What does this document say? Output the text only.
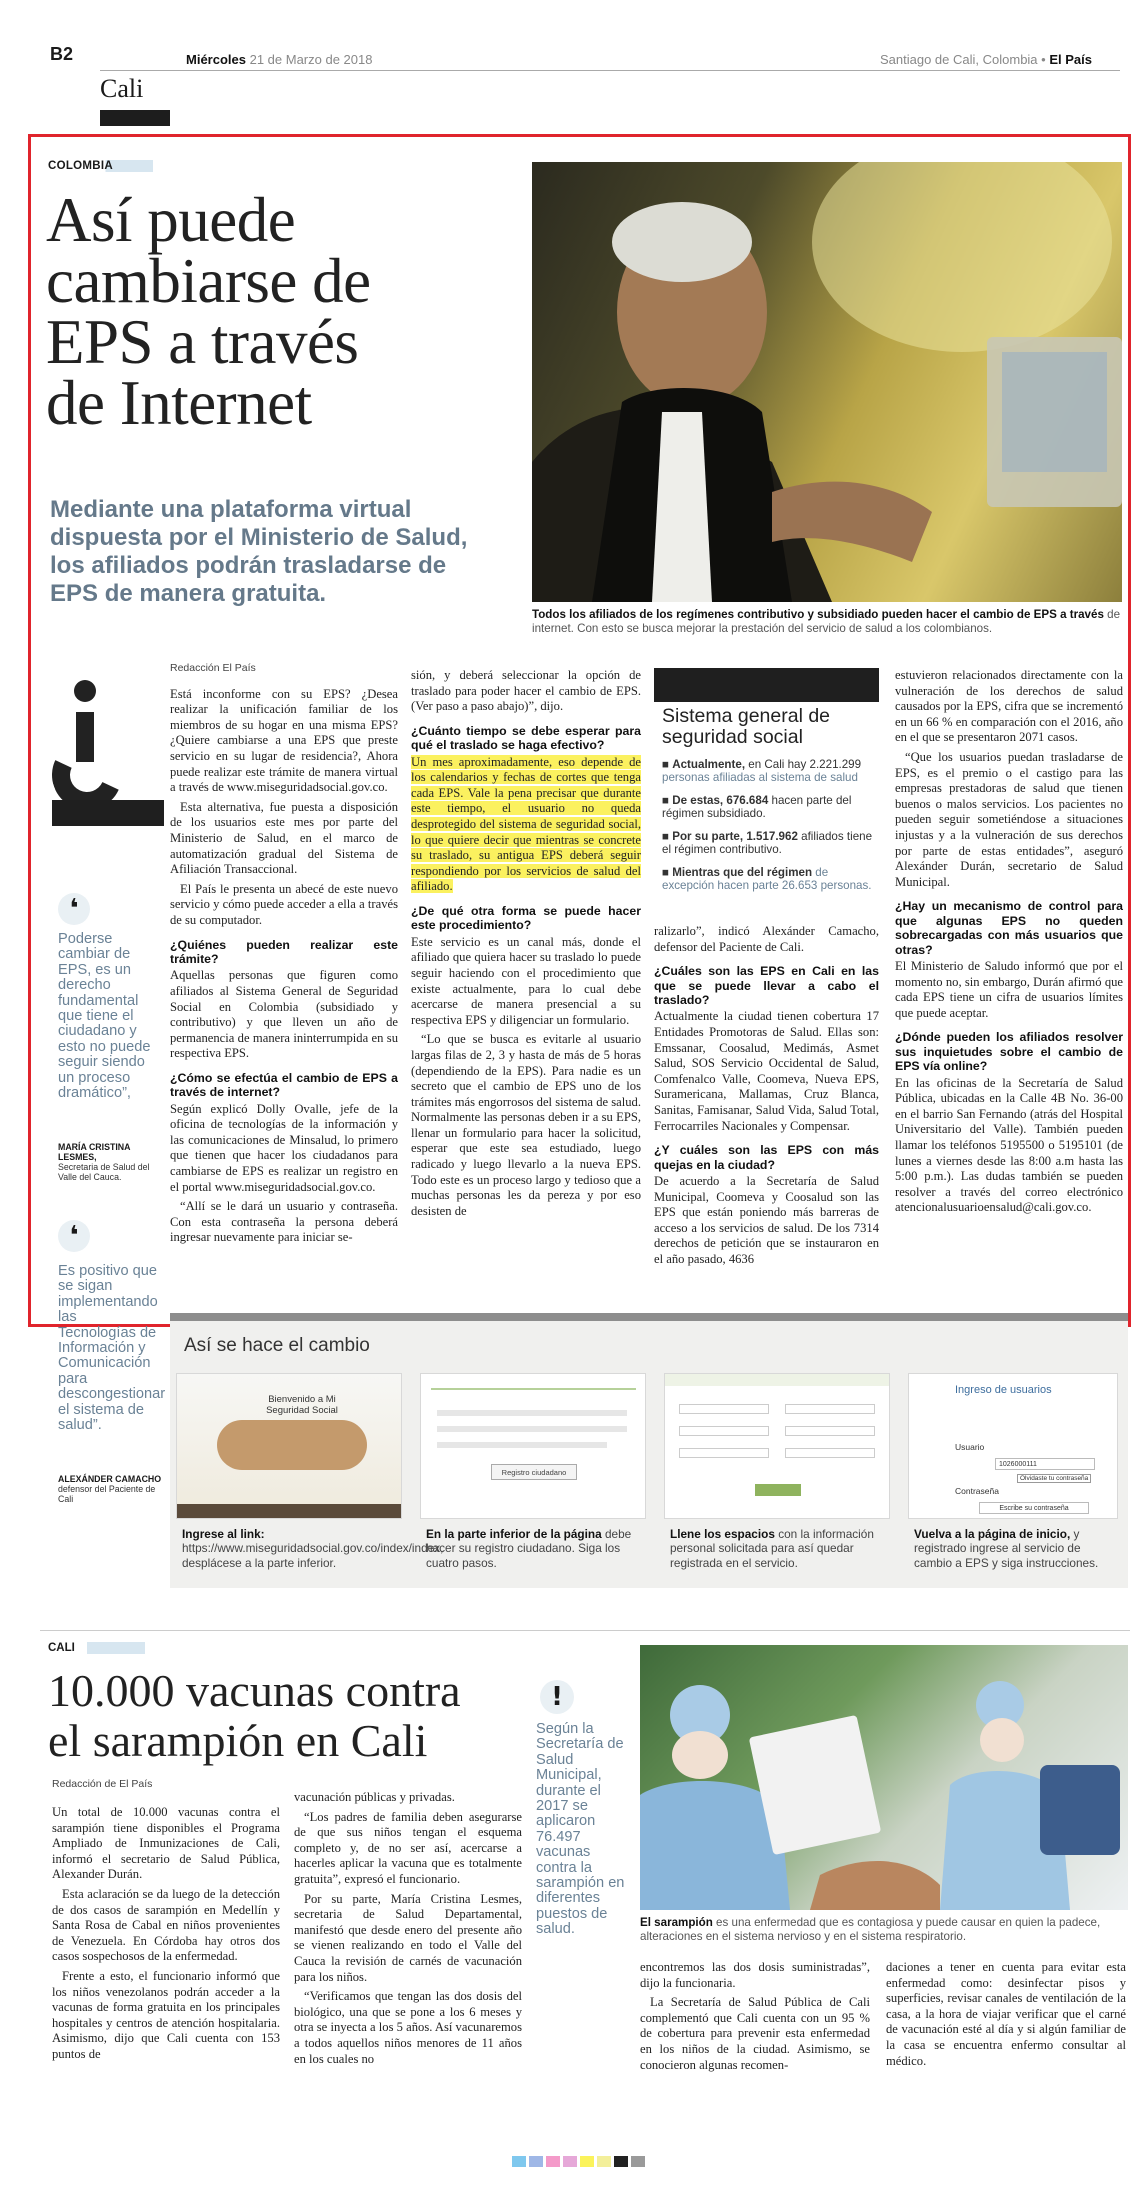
B2
Cali
Miércoles 21 de Marzo de 2018	Santiago de Cali, Colombia • El País
COLOMBIA
Así puede
cambiarse de
EPS a través
de Internet
Mediante una plataforma virtual
dispuesta por el Ministerio de Salud,
los afiliados podrán trasladarse de
EPS de manera gratuita.
Todos los afiliados de los regímenes contributivo y subsidiado pueden hacer el cambio de EPS a través de internet. Con esto se busca mejorar la prestación del servicio de salud a los colombianos.
❛
Poderse cambiar de EPS, es un derecho fundamental que tiene el ciudadano y esto no puede seguir siendo un proceso dramático”,
MARÍA CRISTINA LESMES,
Secretaria de Salud del Valle del Cauca.
❛
Es positivo que se sigan implementando las Tecnologías de Información y Comunicación para descongestionar el sistema de salud”.
ALEXÁNDER CAMACHO
defensor del Paciente de Cali
Redacción El País

Está inconforme con su EPS? ¿Desea realizar la unificación familiar de los miembros de su hogar en una misma EPS? ¿Quiere cambiarse a una EPS que preste servicio en su lugar de residencia?, Ahora puede realizar este trámite de manera virtual a través de www.miseguridadsocial.gov.co.

Esta alternativa, fue puesta a disposición de los usuarios este mes por parte del Ministerio de Salud, en el marco de automatización gradual del Sistema de Afiliación Transaccional.

El País le presenta un abecé de este nuevo servicio y cómo puede acceder a ella a través de su computador.

¿Quiénes pueden realizar este trámite?

Aquellas personas que figuren como afiliados al Sistema General de Seguridad Social en Colombia (subsidiado y contributivo) y que lleven un año de permanencia de manera ininterrumpida en su respectiva EPS.

¿Cómo se efectúa el cambio de EPS a través de internet?

Según explicó Dolly Ovalle, jefe de la oficina de tecnologías de la información y las comunicaciones de Minsalud, lo primero que tienen que hacer los ciudadanos para cambiarse de EPS es realizar un registro en el portal www.miseguridadsocial.gov.co.

“Allí se le dará un usuario y contraseña. Con esta contraseña la persona deberá ingresar nuevamente para iniciar se-

sión, y deberá seleccionar la opción de traslado para poder hacer el cambio de EPS. (Ver paso a paso abajo)”, dijo.

¿Cuánto tiempo se debe esperar para qué el traslado se haga efectivo?

Un mes aproximadamente, eso depende de los calendarios y fechas de cortes que tenga cada EPS. Vale la pena precisar que durante este tiempo, el usuario no queda desprotegido del sistema de seguridad social, lo que quiere decir que mientras se concrete su traslado, su antigua EPS deberá seguir respondiendo por los servicios de salud del afiliado.

¿De qué otra forma se puede hacer este procedimiento?

Este servicio es un canal más, donde el afiliado que quiera hacer su traslado lo puede seguir haciendo con el procedimiento que existe actualmente, para lo cual debe acercarse de manera presencial a su respectiva EPS y diligenciar un formulario.

“Lo que se busca es evitarle al usuario largas filas de 2, 3 y hasta de más de 5 horas (dependiendo de la EPS). Para nadie es un secreto que el cambio de EPS uno de los trámites más engorrosos del sistema de salud. Normalmente las personas deben ir a su EPS, llenar un formulario para hacer la solicitud, esperar que este sea estudiado, luego radicado y luego llevarlo a la nueva EPS. Todo este es un proceso largo y tedioso que a muchas personas les da pereza y por eso desisten de

Sistema general de seguridad social
■ Actualmente, en Cali hay 2.221.299
personas afiliadas al sistema de salud
■ De estas, 676.684 hacen parte del régimen subsidiado.
■ Por su parte, 1.517.962 afiliados tiene el régimen contributivo.
■ Mientras que del régimen de excepción hacen parte 26.653 personas.

ralizarlo”, indicó Alexánder Camacho, defensor del Paciente de Cali.

¿Cuáles son las EPS en Cali en las que se puede llevar a cabo el traslado?

Actualmente la ciudad tienen cobertura 17 Entidades Promotoras de Salud. Ellas son: Emssanar, Coosalud, Medimás, Asmet Salud, SOS Servicio Occidental de Salud, Comfenalco Valle, Coomeva, Nueva EPS, Suramericana, Mallamas, Cruz Blanca, Sanitas, Famisanar, Salud Vida, Salud Total, Ferrocarriles Nacionales y Compensar.

¿Y cuáles son las EPS con más quejas en la ciudad?

De acuerdo a la Secretaría de Salud Municipal, Coomeva y Coosalud son las EPS que están poniendo más barreras de acceso a los servicios de salud. De los 7314 derechos de petición que se instauraron en el año pasado, 4636

estuvieron relacionados directamente con la vulneración de los derechos de salud causados por la EPS, cifra que se incrementó en un 66 % en comparación con el 2016, año en el que se presentaron 2071 casos.

“Que los usuarios puedan trasladarse de EPS, es el premio o el castigo para las empresas prestadoras de salud que tienen buenos o malos servicios. Los pacientes no pueden seguir sometiéndose a situaciones injustas y a la vulneración de sus derechos por parte de estas entidades”, aseguró Alexánder Durán, secretario de Salud Municipal.

¿Hay un mecanismo de control para que algunas EPS no queden sobrecargadas con más usuarios que otras?

El Ministerio de Saludo informó que por el momento no, sin embargo, Durán afirmó que cada EPS tiene un cifra de usuarios límites que puede aceptar.

¿Dónde pueden los afiliados resolver sus inquietudes sobre el cambio de EPS vía online?

En las oficinas de la Secretaría de Salud Pública, ubicadas en la Calle 4B No. 36-00 en el barrio San Fernando (atrás del Hospital Universitario del Valle). También pueden llamar los teléfonos 5195500 o 5195101 (de lunes a viernes desde las 8:00 a.m hasta las 5:00 p.m.). Las dudas también se pueden resolver a través del correo electrónico atencionalusuarioensalud@cali.gov.co.

Así se hace el cambio
Bienvenido a Mi Seguridad Social
Registro ciudadano
Ingreso de usuarios
Usuario
1026000111
Olvidaste tu contraseña
Contraseña
Escribe su contraseña
Ingrese al link: https://www.miseguridadsocial.gov.co/index/index, desplácese a la parte inferior.
En la parte inferior de la página debe hacer su registro ciudadano. Siga los cuatro pasos.
Llene los espacios con la información personal solicitada para así quedar registrada en el servicio.
Vuelva a la página de inicio, y registrado ingrese al servicio de cambio a EPS y siga instrucciones.
CALI
10.000 vacunas contra
el sarampión en Cali
Redacción de El País
!
Según la Secretaría de Salud Municipal, durante el 2017 se aplicaron 76.497 vacunas contra la sarampión en diferentes puestos de salud.	El sarampión es una enfermedad que es contagiosa y puede causar en quien la padece, alteraciones en el sistema nervioso y en el sistema respiratorio.

Un total de 10.000 vacunas contra el sarampión tiene disponibles el Programa Ampliado de Inmunizaciones de Cali, informó el secretario de Salud Pública, Alexander Durán.

Esta aclaración se da luego de la detección de dos casos de sarampión en Medellín y Santa Rosa de Cabal en niños provenientes de Venezuela. En Córdoba hay otros dos casos sospechosos de la enfermedad.

Frente a esto, el funcionario informó que los niños venezolanos podrán acceder a la vacunas de forma gratuita en los principales hospitales y centros de atención hospitalaria. Asimismo, dijo que Cali cuenta con 153 puntos de

vacunación públicas y privadas.

“Los padres de familia deben asegurarse de que sus niños tengan el esquema completo y, de no ser así, acercarse a hacerles aplicar la vacuna que es totalmente gratuita”, expresó el funcionario.

Por su parte, María Cristina Lesmes, secretaria de Salud Departamental, manifestó que desde enero del presente año se vienen realizando en todo el Valle del Cauca la revisión de carnés de vacunación para los niños.

“Verificamos que tengan las dos dosis del biológico, una que se pone a los 6 meses y otra se inyecta a los 5 años. Así vacunaremos a todos aquellos niños menores de 11 años en los cuales no

encontremos las dos dosis suministradas”, dijo la funcionaria.

La Secretaría de Salud Pública de Cali complementó que Cali cuenta con un 95 % de cobertura para prevenir esta enfermedad en los niños de la ciudad. Asimismo, se conocieron algunas recomen-

daciones a tener en cuenta para evitar esta enfermedad como: desinfectar pisos y superficies, revisar canales de ventilación de la casa, a la hora de viajar verificar que el carné de vacunación esté al día y si algún familiar de la casa se encuentra enfermo consultar al médico.
